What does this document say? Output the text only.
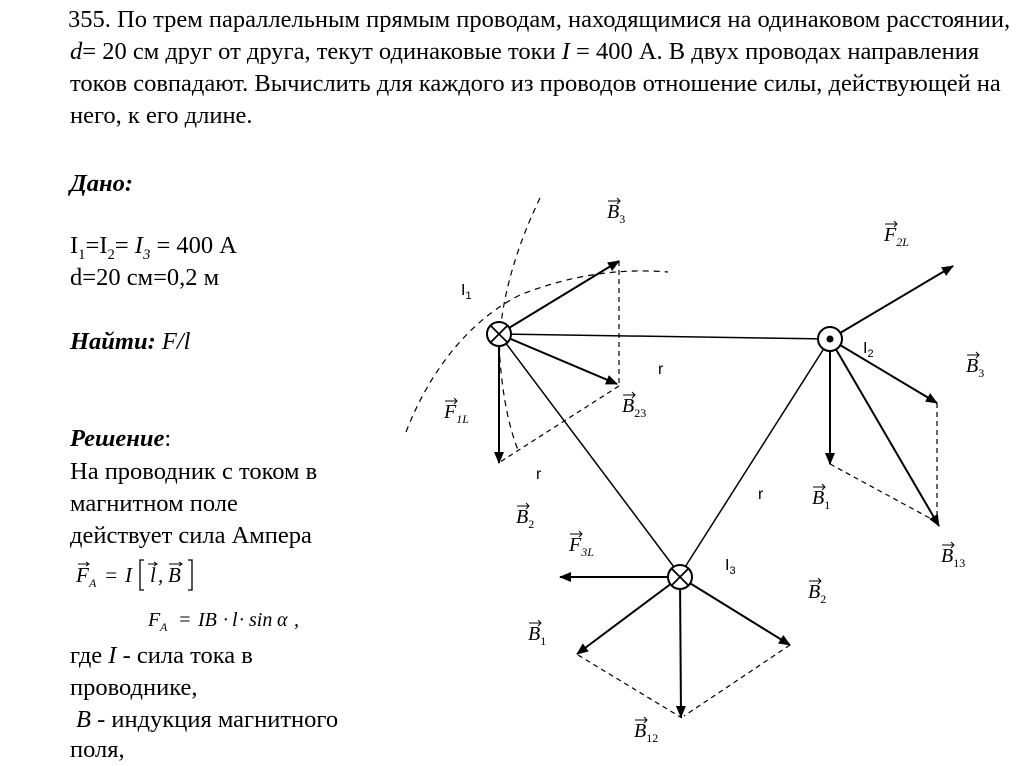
355. По трем параллельным прямым проводам, находящимися на одинаковом расстоянии, d= 20 см друг от друга, текут одинаковые токи I = 400 А. В двух проводах направления токов совпадают. Вычислить для каждого из проводов отношение силы, действующей на него, к его длине.

Дано:

$I_1=I_2= I_3 = 400$ А

d=20 см=0,2 м

Найти: F/l

Решение:

На проводник с током в

магнитном поле

действует сила Ампера

F A = I l , B
F A = IB · l · sin α ,

где I - сила тока в

проводнике,

B - индукция магнитного

поля,

$I_1$
$I_2$
$I_3$
r
r
r
$B_3$
$B_{23}$
$F_{1L}$
$B_2$
$F_{2L}$
$B_3$
$B_1$
$B_{13}$
$F_{3L}$
$B_2$
$B_1$
$B_{12}$
